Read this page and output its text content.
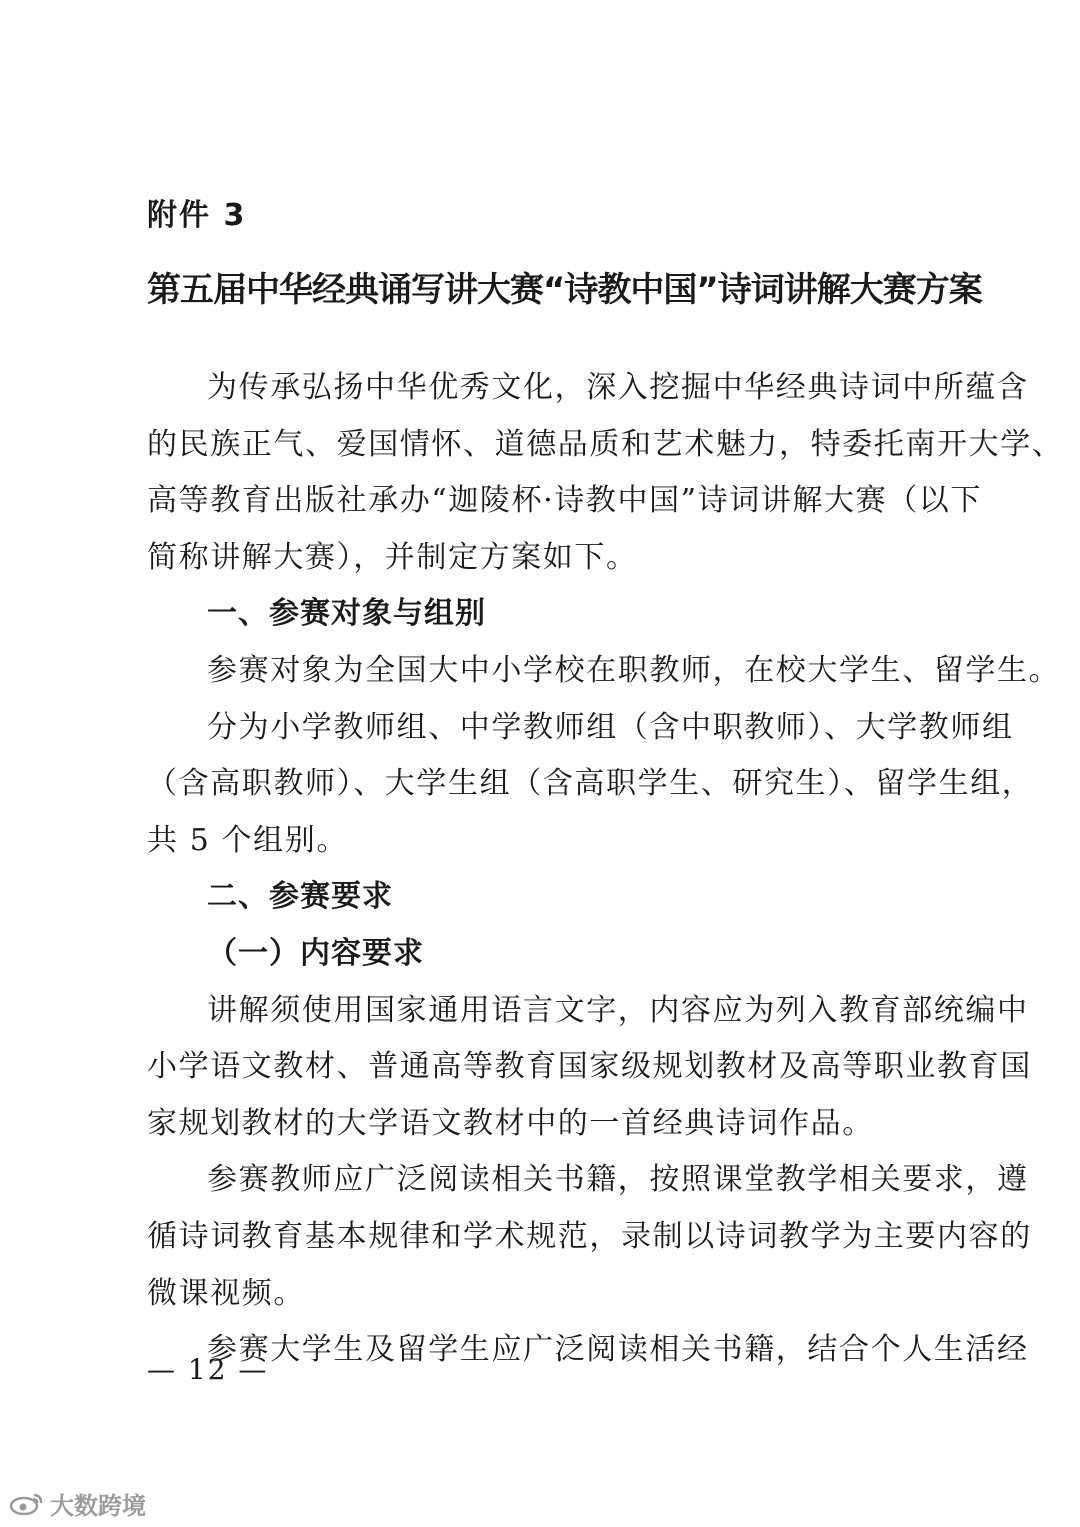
附件 3
第五届中华经典诵写讲大赛“诗教中国”诗词讲解大赛方案
为传承弘扬中华优秀文化，深入挖掘中华经典诗词中所蕴含
的民族正气、爱国情怀、道德品质和艺术魅力，特委托南开大学、
高等教育出版社承办“迦陵杯·诗教中国”诗词讲解大赛（以下
简称讲解大赛），并制定方案如下。
一、参赛对象与组别
参赛对象为全国大中小学校在职教师，在校大学生、留学生。
分为小学教师组、中学教师组（含中职教师）、大学教师组
（含高职教师）、大学生组（含高职学生、研究生）、留学生组，
共 5 个组别。
二、参赛要求
（一）内容要求
讲解须使用国家通用语言文字，内容应为列入教育部统编中
小学语文教材、普通高等教育国家级规划教材及高等职业教育国
家规划教材的大学语文教材中的一首经典诗词作品。
参赛教师应广泛阅读相关书籍，按照课堂教学相关要求，遵
循诗词教育基本规律和学术规范，录制以诗词教学为主要内容的
微课视频。
参赛大学生及留学生应广泛阅读相关书籍，结合个人生活经
— 12 —
大数跨境
